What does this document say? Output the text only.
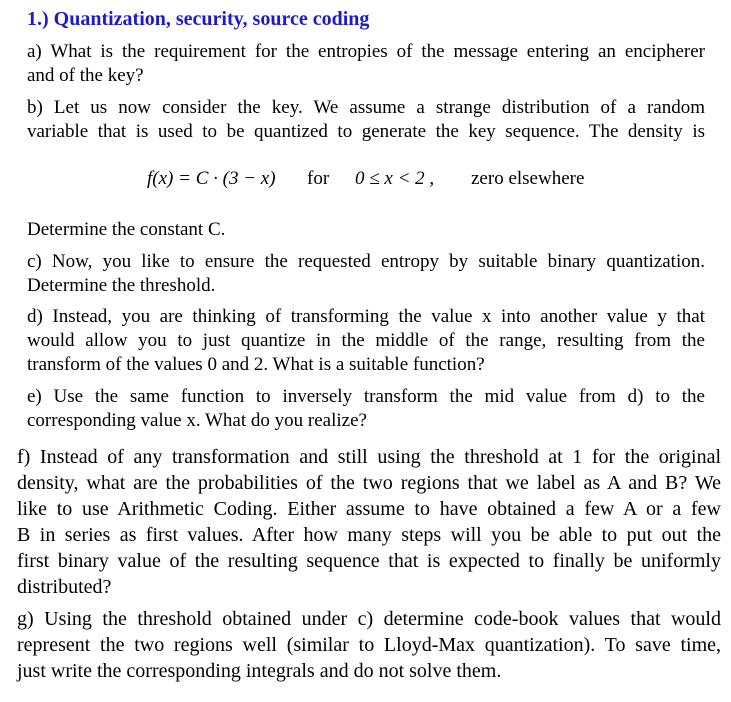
1.) Quantization, security, source coding
a) What is the requirement for the entropies of the message entering an encipherer
and of the key?
b) Let us now consider the key. We assume a strange distribution of a random
variable that is used to be quantized to generate the key sequence. The density is
f(x) = C · (3 − x) for 0 ≤ x < 2 , zero elsewhere
Determine the constant C.
c) Now, you like to ensure the requested entropy by suitable binary quantization.
Determine the threshold.
d) Instead, you are thinking of transforming the value x into another value y that
would allow you to just quantize in the middle of the range, resulting from the
transform of the values 0 and 2. What is a suitable function?
e) Use the same function to inversely transform the mid value from d) to the
corresponding value x. What do you realize?
f) Instead of any transformation and still using the threshold at 1 for the original
density, what are the probabilities of the two regions that we label as A and B? We
like to use Arithmetic Coding. Either assume to have obtained a few A or a few
B in series as first values. After how many steps will you be able to put out the
first binary value of the resulting sequence that is expected to finally be uniformly
distributed?
g) Using the threshold obtained under c) determine code-book values that would
represent the two regions well (similar to Lloyd-Max quantization). To save time,
just write the corresponding integrals and do not solve them.
